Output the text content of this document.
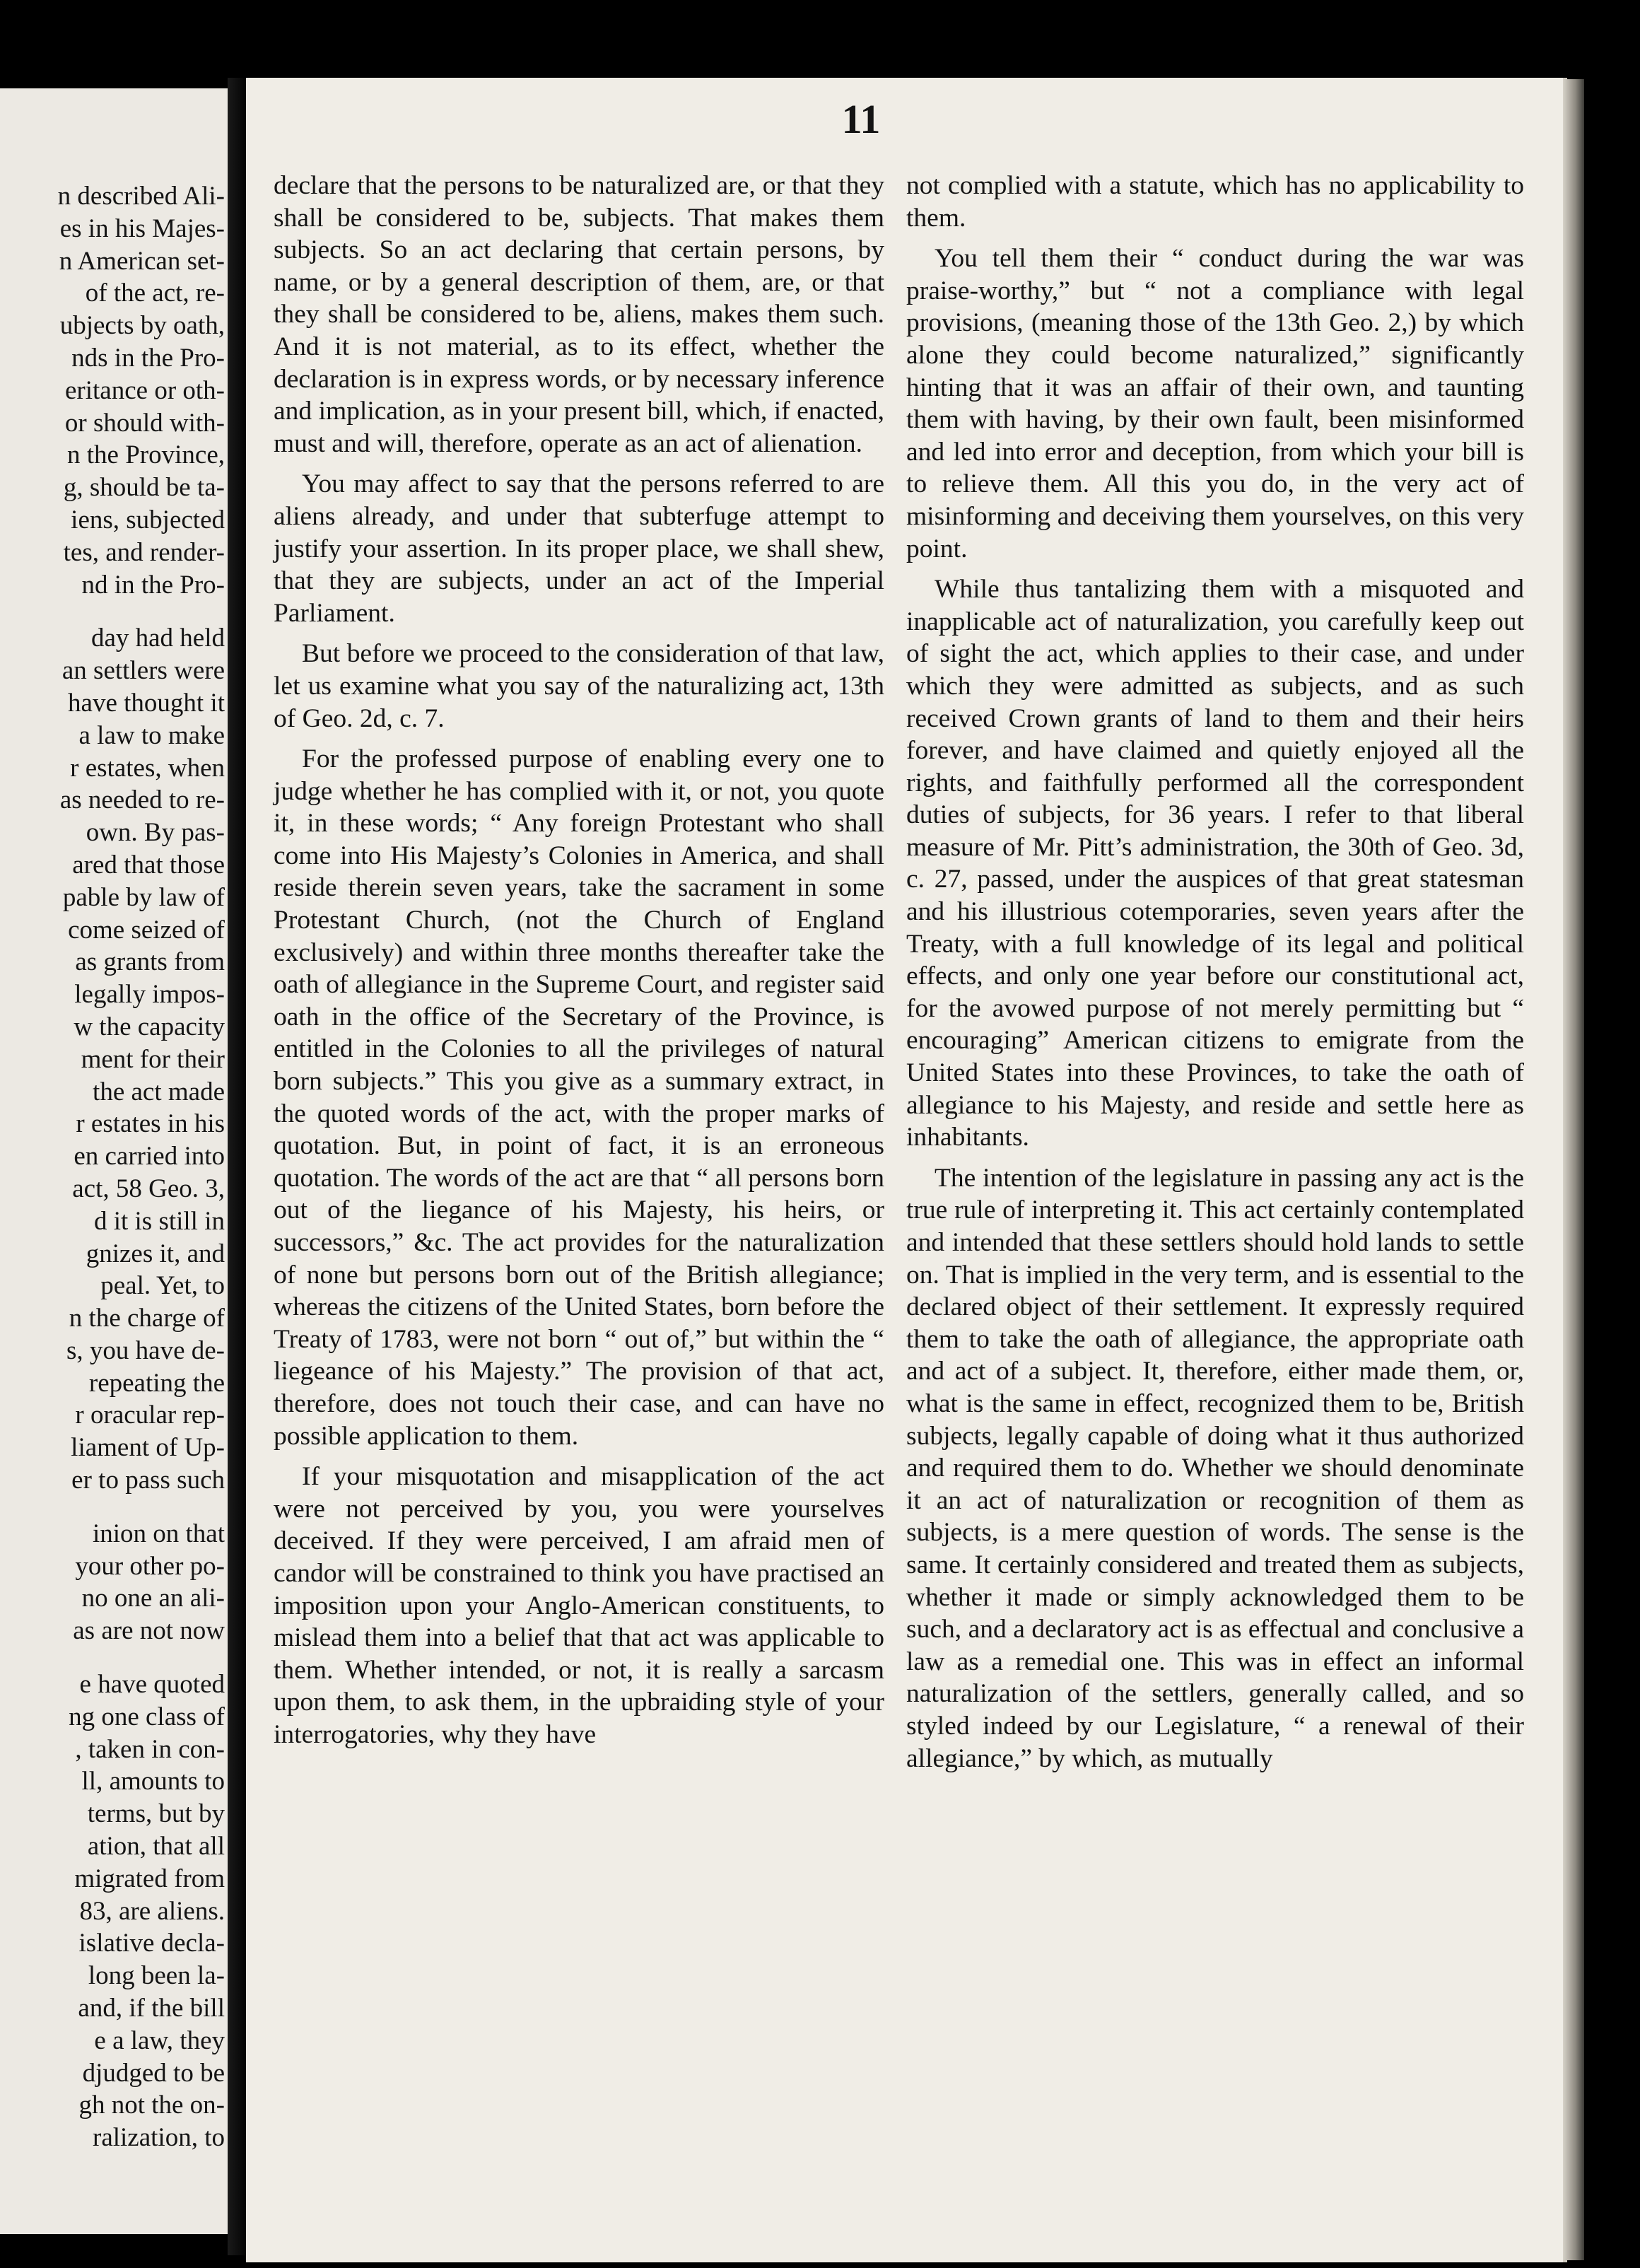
n described Ali-
es in his Majes-
n American set-
of the act, re-
ubjects by oath,
nds in the Pro-
eritance or oth-
or should with-
n the Province,
g, should be ta-
iens, subjected
tes, and render-
nd in the Pro-
day had held
an settlers were
have thought it
a law to make
r estates, when
as needed to re-
own. By pas-
ared that those
pable by law of
come seized of
as grants from
legally impos-
w the capacity
ment for their
the act made
r estates in his
en carried into
act, 58 Geo. 3,
d it is still in
gnizes it, and
peal. Yet, to
n the charge of
s, you have de-
repeating the
r oracular rep-
liament of Up-
er to pass such
inion on that
your other po-
no one an ali-
as are not now
e have quoted
ng one class of
, taken in con-
ll, amounts to
terms, but by
ation, that all
migrated from
83, are aliens.
islative decla-
long been la-
and, if the bill
e a law, they
djudged to be
gh not the on-
ralization, to
11

declare that the persons to be naturalized are, or that they shall be considered to be, subjects. That makes them subjects. So an act declaring that certain persons, by name, or by a general description of them, are, or that they shall be considered to be, aliens, makes them such. And it is not material, as to its effect, whether the declaration is in express words, or by necessary inference and implication, as in your present bill, which, if enacted, must and will, therefore, operate as an act of alienation.

You may affect to say that the persons referred to are aliens already, and under that subterfuge attempt to justify your assertion. In its proper place, we shall shew, that they are subjects, under an act of the Imperial Parliament.

But before we proceed to the consideration of that law, let us examine what you say of the naturalizing act, 13th of Geo. 2d, c. 7.

For the professed purpose of enabling every one to judge whether he has complied with it, or not, you quote it, in these words; “ Any foreign Protestant who shall come into His Majesty’s Colonies in America, and shall reside therein seven years, take the sacrament in some Protestant Church, (not the Church of England exclusively) and within three months thereafter take the oath of allegiance in the Supreme Court, and register said oath in the office of the Secretary of the Province, is entitled in the Colonies to all the privileges of natural born subjects.” This you give as a summary extract, in the quoted words of the act, with the proper marks of quotation. But, in point of fact, it is an erroneous quotation. The words of the act are that “ all persons born out of the liegance of his Majesty, his heirs, or successors,” &c. The act provides for the naturalization of none but persons born out of the British allegiance; whereas the citizens of the United States, born before the Treaty of 1783, were not born “ out of,” but within the “ liegeance of his Majesty.” The provision of that act, therefore, does not touch their case, and can have no possible application to them.

If your misquotation and misapplication of the act were not perceived by you, you were yourselves deceived. If they were perceived, I am afraid men of candor will be constrained to think you have practised an imposition upon your Anglo-American constituents, to mislead them into a belief that that act was applicable to them. Whether intended, or not, it is really a sarcasm upon them, to ask them, in the upbraiding style of your interrogatories, why they have

not complied with a statute, which has no applicability to them.

You tell them their “ conduct during the war was praise-worthy,” but “ not a compliance with legal provisions, (meaning those of the 13th Geo. 2,) by which alone they could become naturalized,” significantly hinting that it was an affair of their own, and taunting them with having, by their own fault, been misinformed and led into error and deception, from which your bill is to relieve them. All this you do, in the very act of misinforming and deceiving them yourselves, on this very point.

While thus tantalizing them with a misquoted and inapplicable act of naturalization, you carefully keep out of sight the act, which applies to their case, and under which they were admitted as subjects, and as such received Crown grants of land to them and their heirs forever, and have claimed and quietly enjoyed all the rights, and faithfully performed all the correspondent duties of subjects, for 36 years. I refer to that liberal measure of Mr. Pitt’s administration, the 30th of Geo. 3d, c. 27, passed, under the auspices of that great statesman and his illustrious cotemporaries, seven years after the Treaty, with a full knowledge of its legal and political effects, and only one year before our constitutional act, for the avowed purpose of not merely permitting but “ encouraging” American citizens to emigrate from the United States into these Provinces, to take the oath of allegiance to his Majesty, and reside and settle here as inhabitants.

The intention of the legislature in passing any act is the true rule of interpreting it. This act certainly contemplated and intended that these settlers should hold lands to settle on. That is implied in the very term, and is essential to the declared object of their settlement. It expressly required them to take the oath of allegiance, the appropriate oath and act of a subject. It, therefore, either made them, or, what is the same in effect, recognized them to be, British subjects, legally capable of doing what it thus authorized and required them to do. Whether we should denominate it an act of naturalization or recognition of them as subjects, is a mere question of words. The sense is the same. It certainly considered and treated them as subjects, whether it made or simply acknowledged them to be such, and a declaratory act is as effectual and conclusive a law as a remedial one. This was in effect an informal naturalization of the settlers, generally called, and so styled indeed by our Legislature, “ a renewal of their allegiance,” by which, as mutually
